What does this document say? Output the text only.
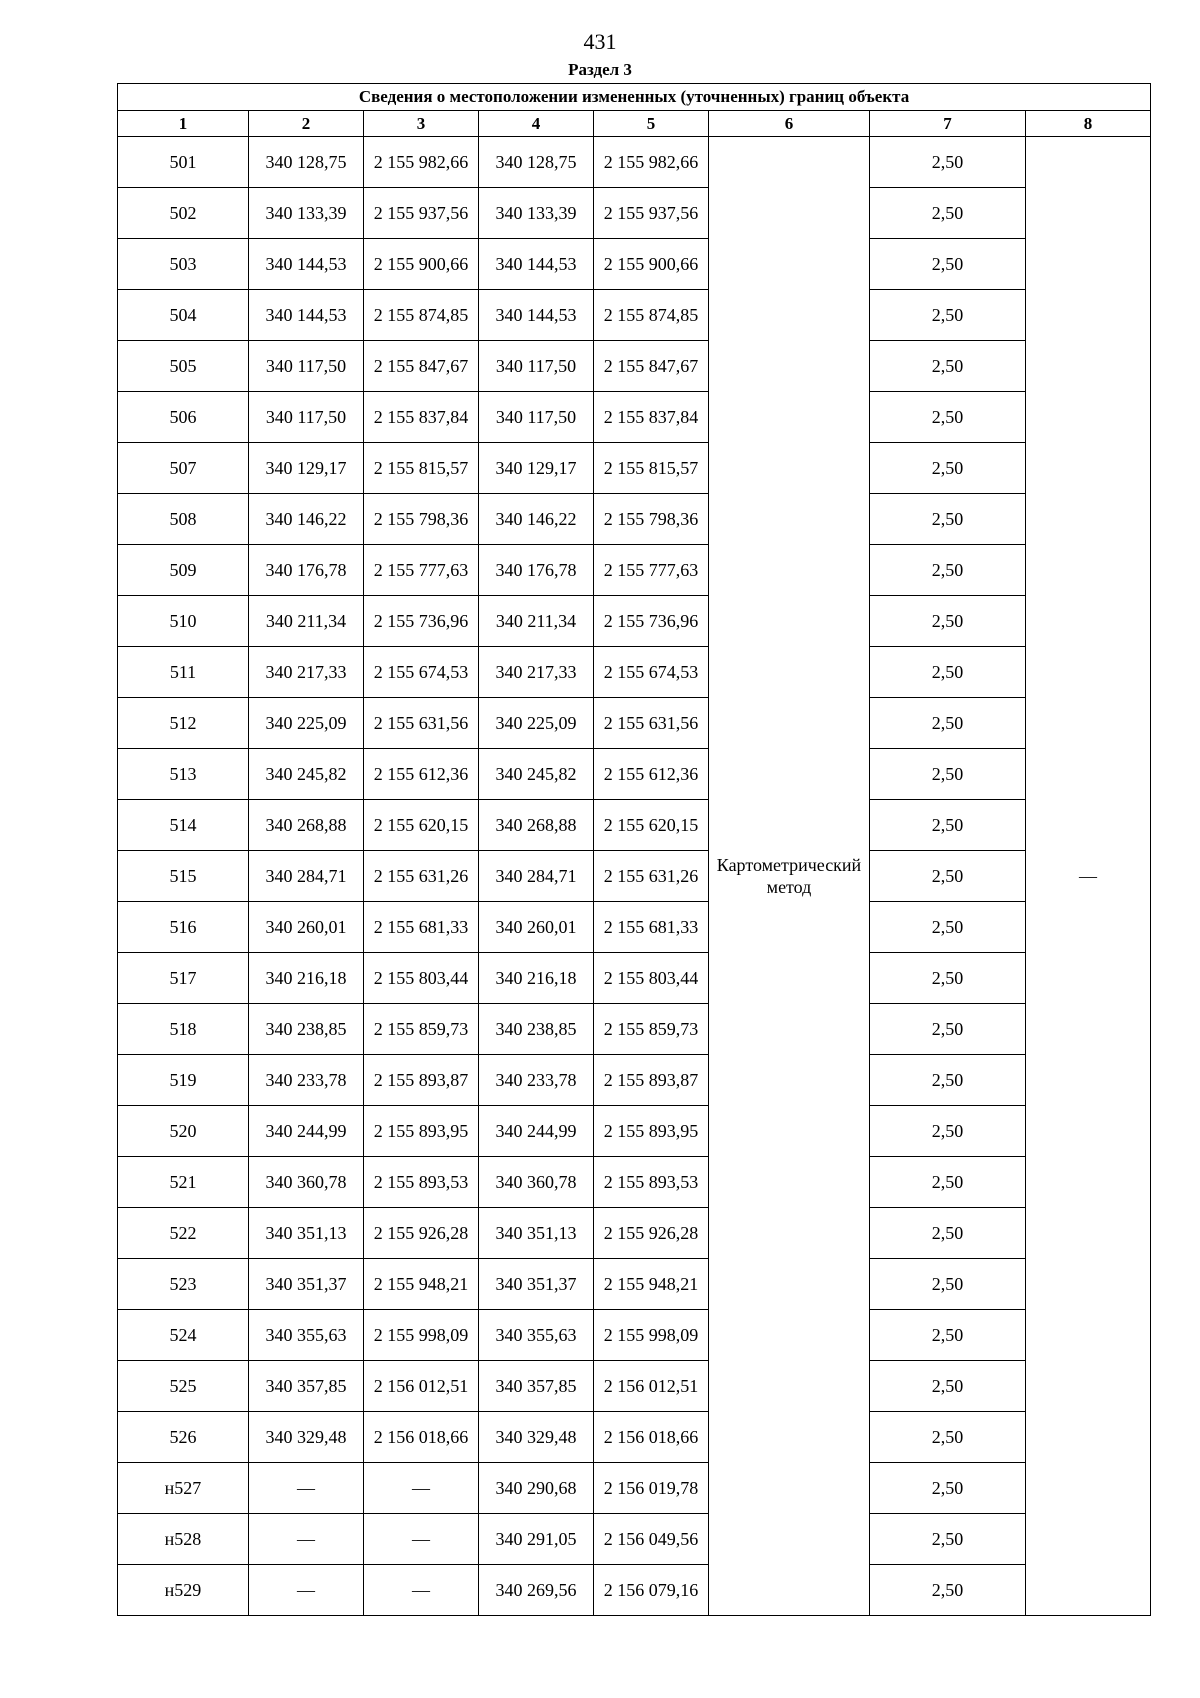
431
Раздел 3
Сведения о местоположении измененных (уточненных) границ объекта							
1	2	3	4	5	6	7	8
501	340 128,75	2 155 982,66	340 128,75	2 155 982,66	Картометрический метод	2,50	—
502	340 133,39	2 155 937,56	340 133,39	2 155 937,56		2,50	
503	340 144,53	2 155 900,66	340 144,53	2 155 900,66		2,50	
504	340 144,53	2 155 874,85	340 144,53	2 155 874,85		2,50	
505	340 117,50	2 155 847,67	340 117,50	2 155 847,67		2,50	
506	340 117,50	2 155 837,84	340 117,50	2 155 837,84		2,50	
507	340 129,17	2 155 815,57	340 129,17	2 155 815,57		2,50	
508	340 146,22	2 155 798,36	340 146,22	2 155 798,36		2,50	
509	340 176,78	2 155 777,63	340 176,78	2 155 777,63		2,50	
510	340 211,34	2 155 736,96	340 211,34	2 155 736,96		2,50	
511	340 217,33	2 155 674,53	340 217,33	2 155 674,53		2,50	
512	340 225,09	2 155 631,56	340 225,09	2 155 631,56		2,50	
513	340 245,82	2 155 612,36	340 245,82	2 155 612,36		2,50	
514	340 268,88	2 155 620,15	340 268,88	2 155 620,15		2,50	
515	340 284,71	2 155 631,26	340 284,71	2 155 631,26		2,50	
516	340 260,01	2 155 681,33	340 260,01	2 155 681,33		2,50	
517	340 216,18	2 155 803,44	340 216,18	2 155 803,44		2,50	
518	340 238,85	2 155 859,73	340 238,85	2 155 859,73		2,50	
519	340 233,78	2 155 893,87	340 233,78	2 155 893,87		2,50	
520	340 244,99	2 155 893,95	340 244,99	2 155 893,95		2,50	
521	340 360,78	2 155 893,53	340 360,78	2 155 893,53		2,50	
522	340 351,13	2 155 926,28	340 351,13	2 155 926,28		2,50	
523	340 351,37	2 155 948,21	340 351,37	2 155 948,21		2,50	
524	340 355,63	2 155 998,09	340 355,63	2 155 998,09		2,50	
525	340 357,85	2 156 012,51	340 357,85	2 156 012,51		2,50	
526	340 329,48	2 156 018,66	340 329,48	2 156 018,66		2,50	
н527	—	—	340 290,68	2 156 019,78		2,50	
н528	—	—	340 291,05	2 156 049,56		2,50	
н529	—	—	340 269,56	2 156 079,16		2,50	
